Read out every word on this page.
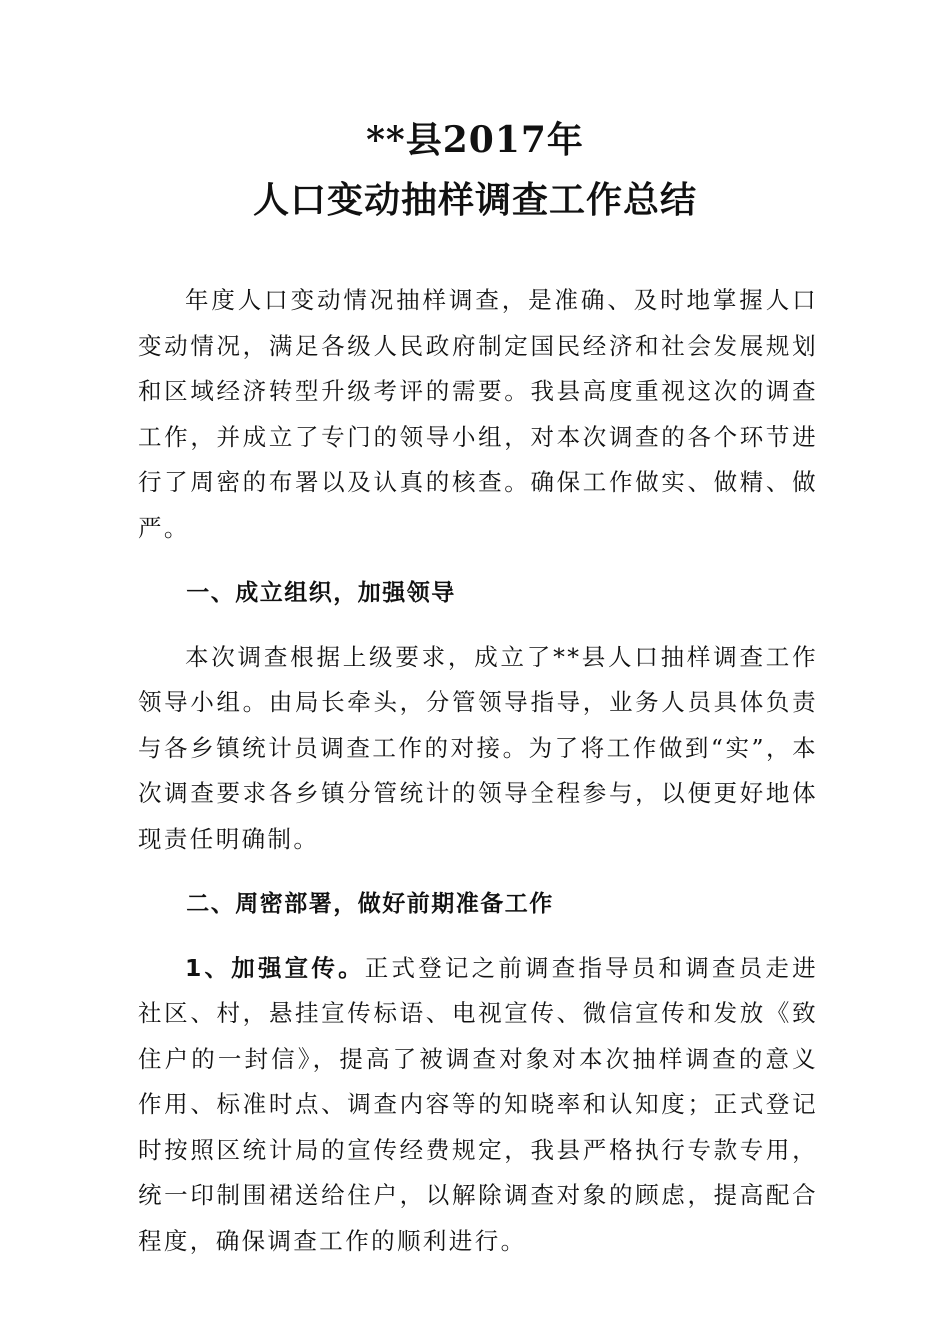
**县2017年
人口变动抽样调查工作总结

年度人口变动情况抽样调查，是准确、及时地掌握人口变动情况，满足各级人民政府制定国民经济和社会发展规划和区域经济转型升级考评的需要。我县高度重视这次的调查工作，并成立了专门的领导小组，对本次调查的各个环节进行了周密的布署以及认真的核查。确保工作做实、做精、做严。

一、成立组织，加强领导

本次调查根据上级要求，成立了**县人口抽样调查工作领导小组。由局长牵头，分管领导指导，业务人员具体负责与各乡镇统计员调查工作的对接。为了将工作做到“实”，本次调查要求各乡镇分管统计的领导全程参与，以便更好地体现责任明确制。

二、周密部署，做好前期准备工作

1、加强宣传。正式登记之前调查指导员和调查员走进社区、村，悬挂宣传标语、电视宣传、微信宣传和发放《致住户的一封信》，提高了被调查对象对本次抽样调查的意义作用、标准时点、调查内容等的知晓率和认知度；正式登记时按照区统计局的宣传经费规定，我县严格执行专款专用，统一印制围裙送给住户，以解除调查对象的顾虑，提高配合程度，确保调查工作的顺利进行。
